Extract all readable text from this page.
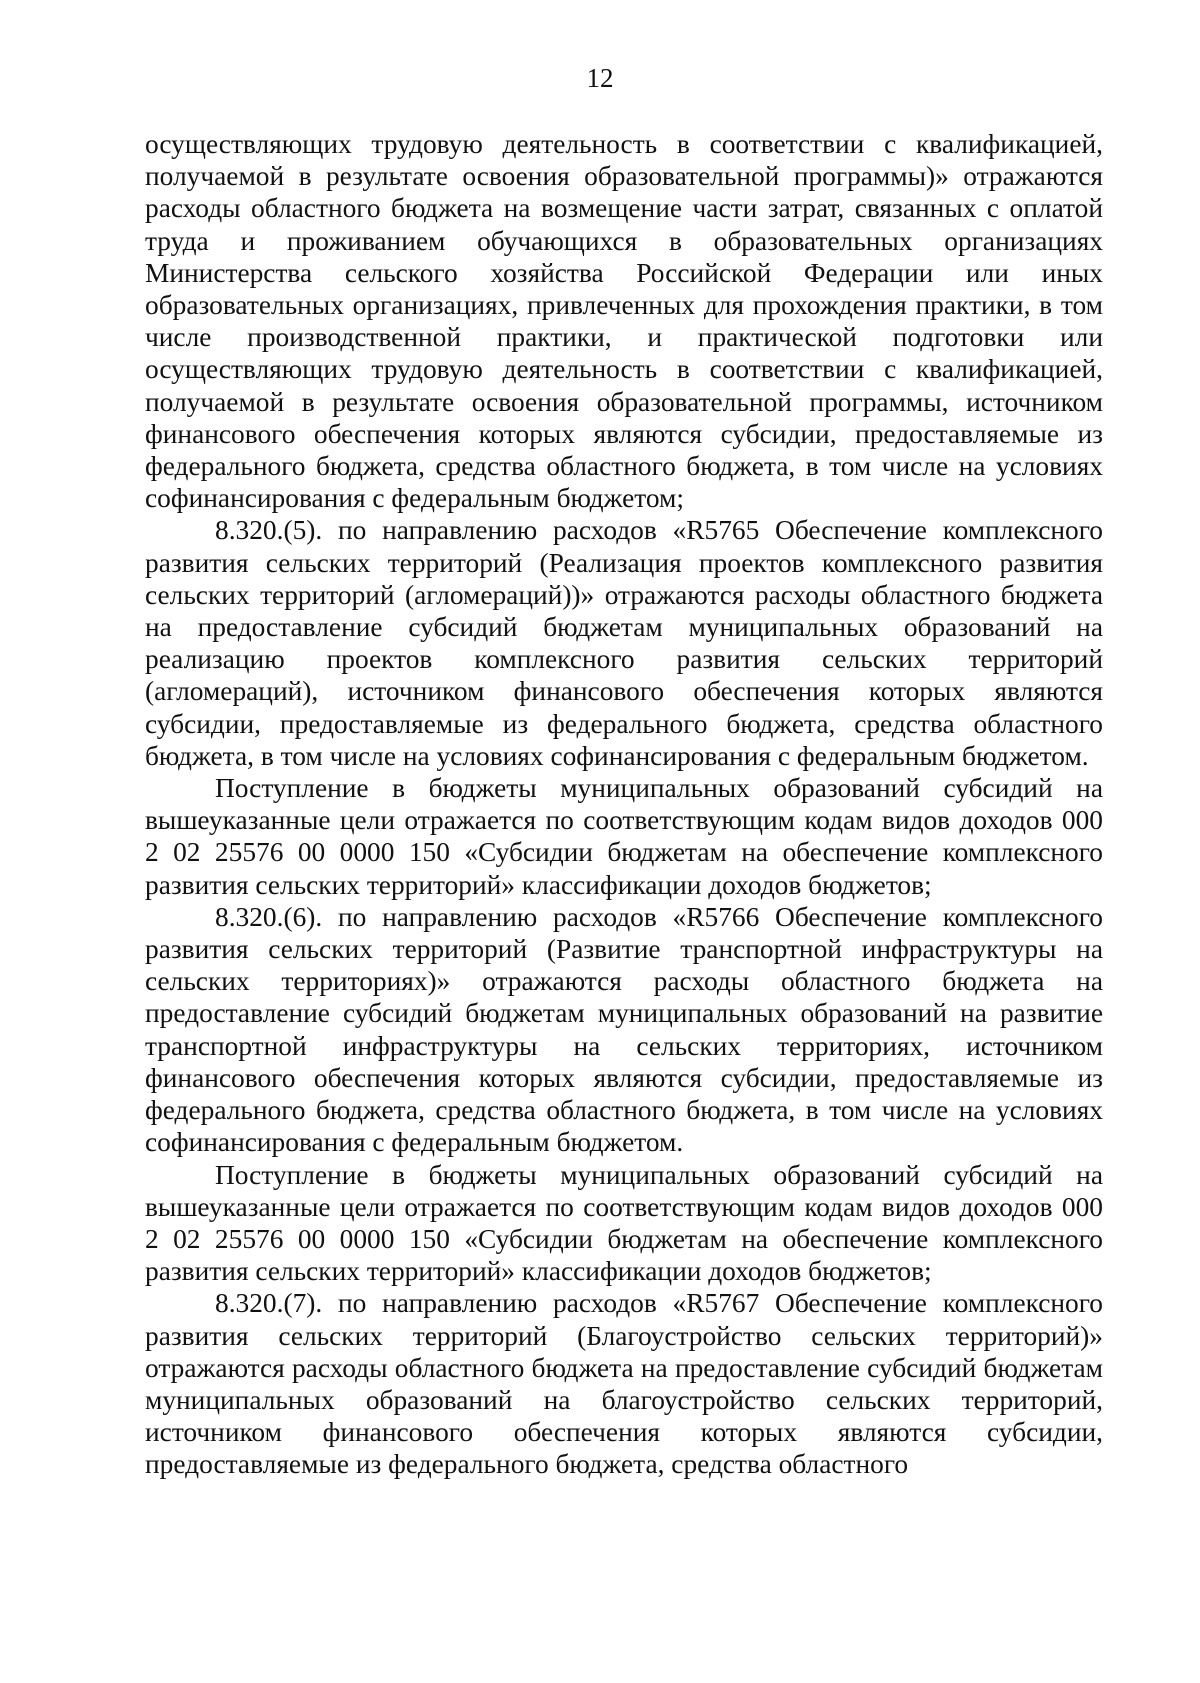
12

осуществляющих трудовую деятельность в соответствии с квалификацией, получаемой в результате освоения образовательной программы)» отражаются расходы областного бюджета на возмещение части затрат, связанных с оплатой труда и проживанием обучающихся в образовательных организациях Министерства сельского хозяйства Российской Федерации или иных образовательных организациях, привлеченных для прохождения практики, в том числе производственной практики, и практической подготовки или осуществляющих трудовую деятельность в соответствии с квалификацией, получаемой в результате освоения образовательной программы, источником финансового обеспечения которых являются субсидии, предоставляемые из федерального бюджета, средства областного бюджета, в том числе на условиях софинансирования с федеральным бюджетом;

8.320.(5). по направлению расходов «R5765 Обеспечение комплексного развития сельских территорий (Реализация проектов комплексного развития сельских территорий (агломераций))» отражаются расходы областного бюджета на предоставление субсидий бюджетам муниципальных образований на реализацию проектов комплексного развития сельских территорий (агломераций), источником финансового обеспечения которых являются субсидии, предоставляемые из федерального бюджета, средства областного бюджета, в том числе на условиях софинансирования с федеральным бюджетом.

Поступление в бюджеты муниципальных образований субсидий на вышеуказанные цели отражается по соответствующим кодам видов доходов 000 2 02 25576 00 0000 150 «Субсидии бюджетам на обеспечение комплексного развития сельских территорий» классификации доходов бюджетов;

8.320.(6). по направлению расходов «R5766 Обеспечение комплексного развития сельских территорий (Развитие транспортной инфраструктуры на сельских территориях)» отражаются расходы областного бюджета на предоставление субсидий бюджетам муниципальных образований на развитие транспортной инфраструктуры на сельских территориях, источником финансового обеспечения которых являются субсидии, предоставляемые из федерального бюджета, средства областного бюджета, в том числе на условиях софинансирования с федеральным бюджетом.

Поступление в бюджеты муниципальных образований субсидий на вышеуказанные цели отражается по соответствующим кодам видов доходов 000 2 02 25576 00 0000 150 «Субсидии бюджетам на обеспечение комплексного развития сельских территорий» классификации доходов бюджетов;

8.320.(7). по направлению расходов «R5767 Обеспечение комплексного развития сельских территорий (Благоустройство сельских территорий)» отражаются расходы областного бюджета на предоставление субсидий бюджетам муниципальных образований на благоустройство сельских территорий, источником финансового обеспечения которых являются субсидии, предоставляемые из федерального бюджета, средства областного
